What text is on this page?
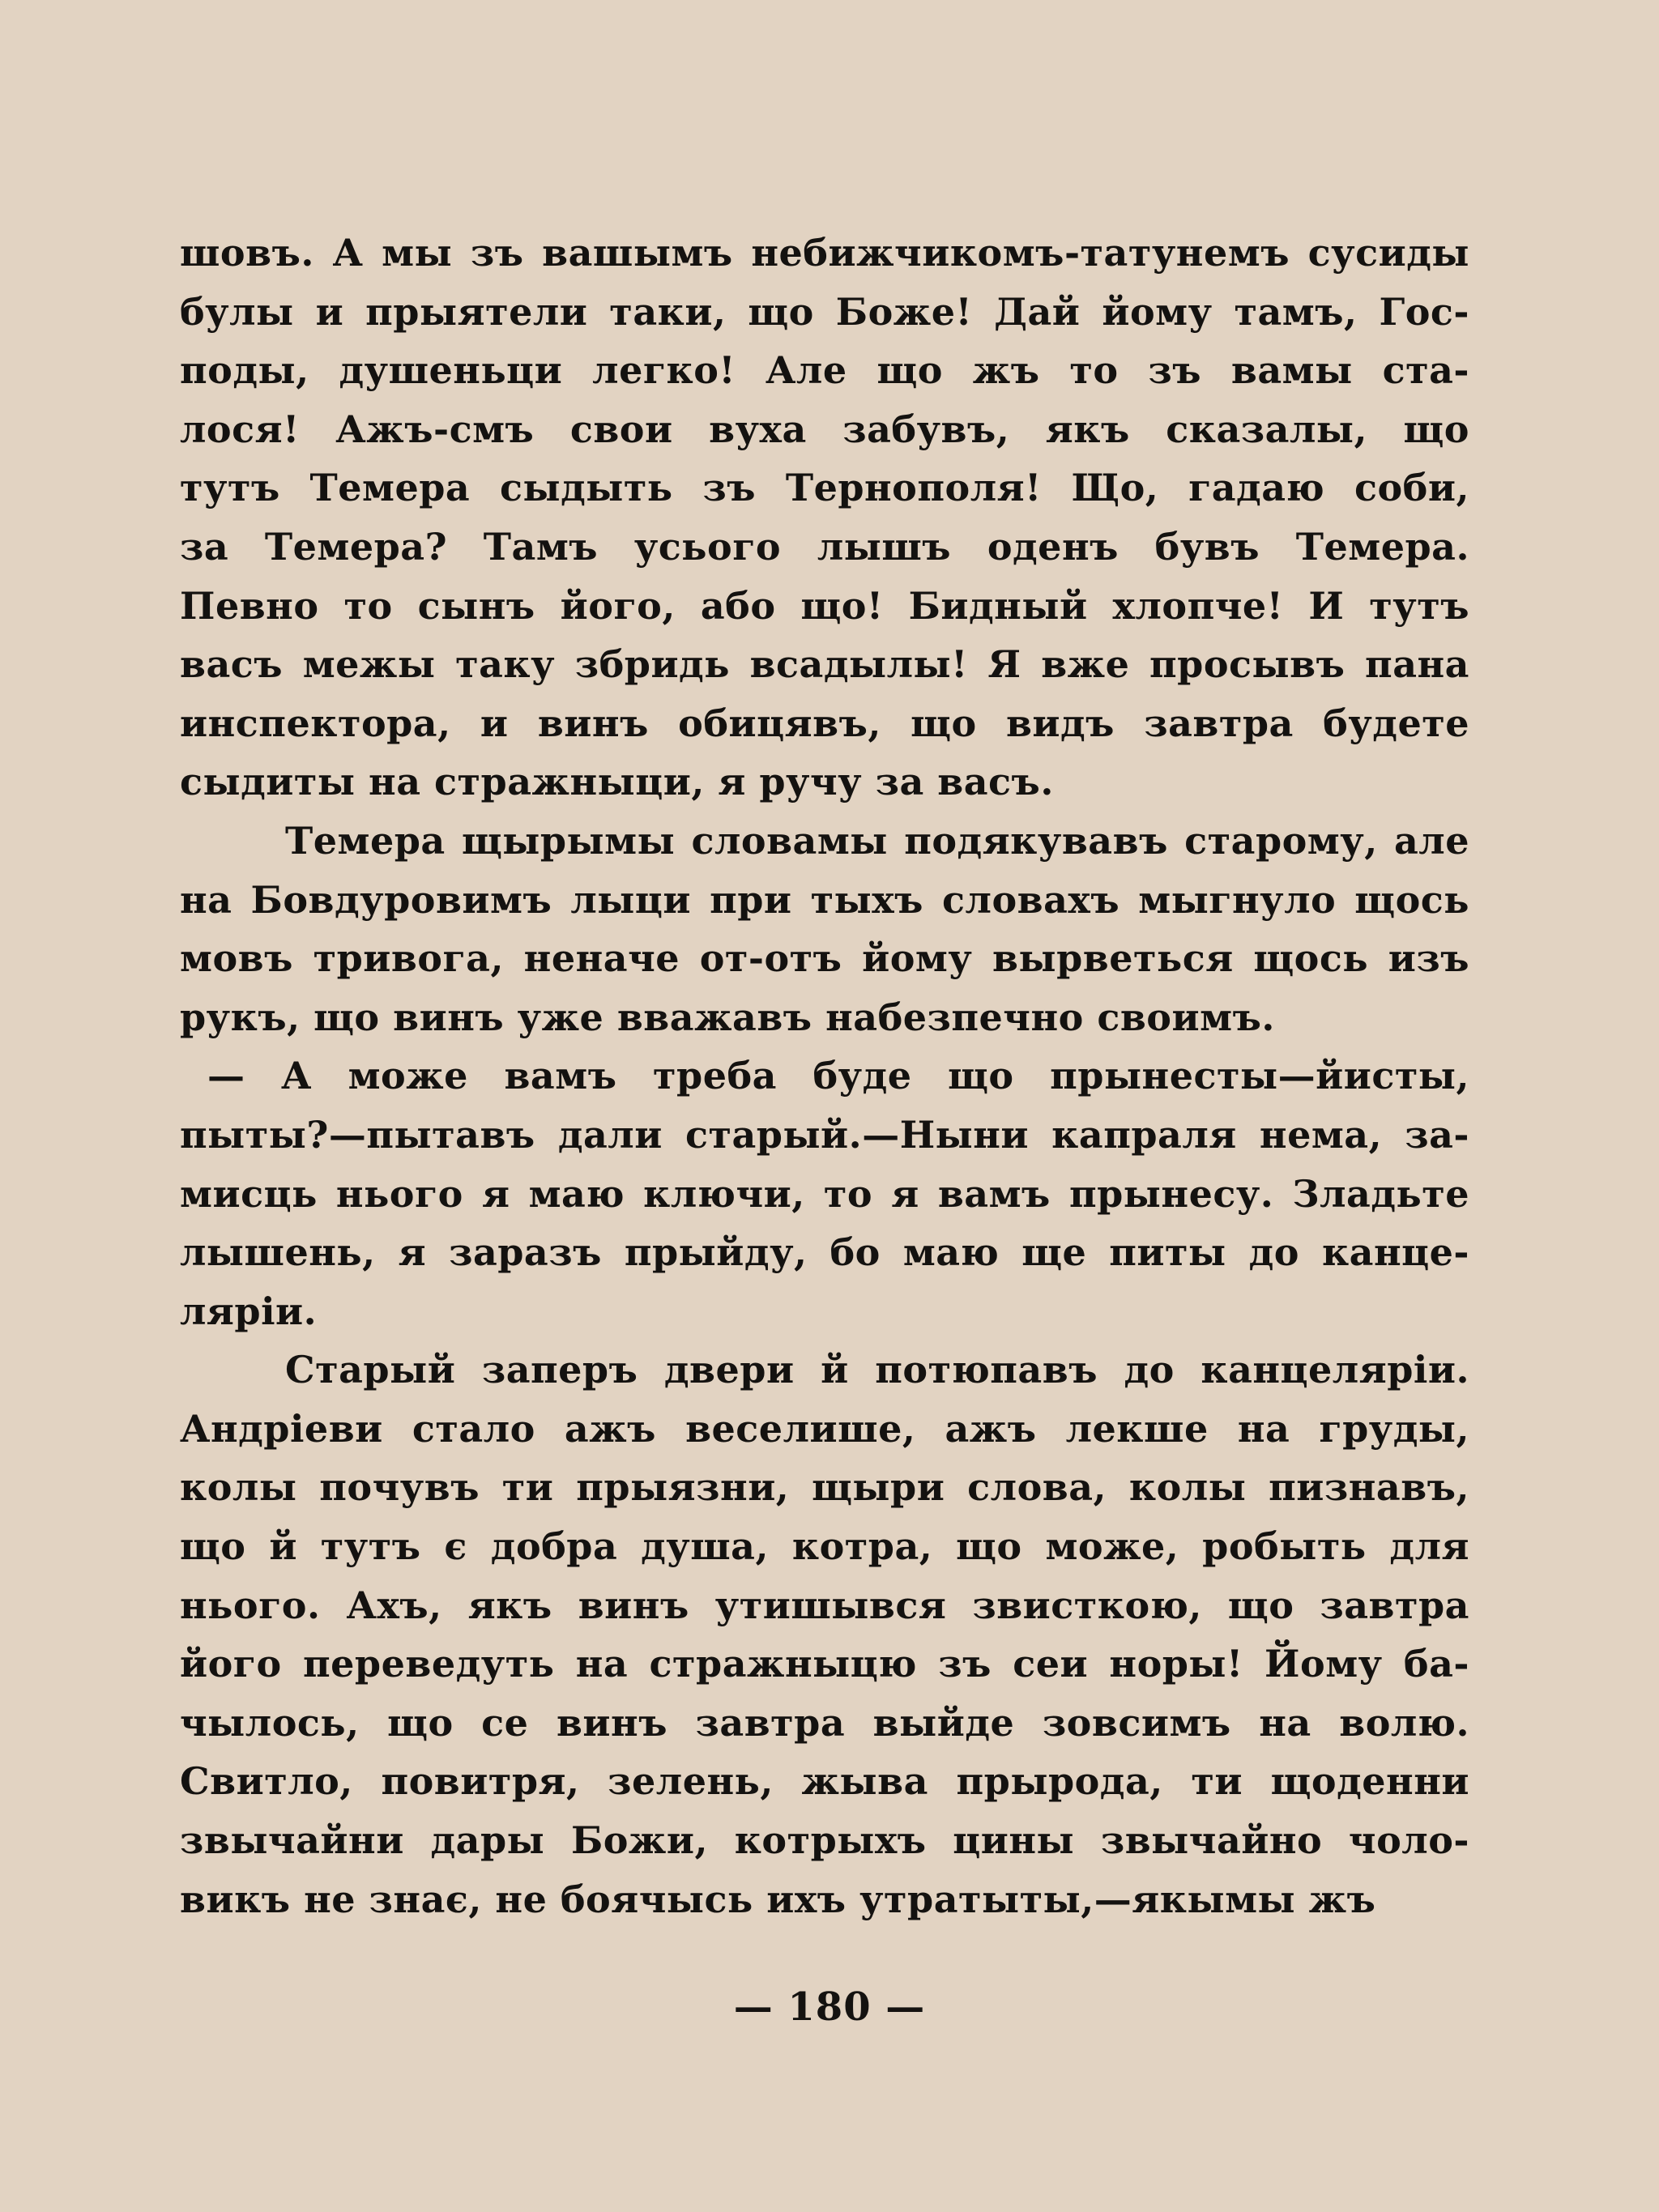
шовъ. А мы зъ вашымъ небижчикомъ-татунемъ сусиды
булы и прыятели таки, що Боже! Дай йому тамъ, Гос-
поды, душеньци легко! Але що жъ то зъ вамы ста-
лося! Ажъ-смъ свои вуха забувъ, якъ сказалы, що
тутъ Темера сыдыть зъ Тернополя! Що, гадаю соби,
за Темера? Тамъ усього лышъ оденъ бувъ Темера.
Певно то сынъ його, або що! Бидный хлопче! И тутъ
васъ межы таку збридь всадылы! Я вже просывъ пана
инспектора, и винъ обицявъ, що видъ завтра будете
сыдиты на стражныци, я ручу за васъ.
Темера щырымы словамы подякувавъ старому, але
на Бовдуровимъ лыци при тыхъ словахъ мыгнуло щось
мовъ тривога, неначе от-отъ йому вырветься щось изъ
рукъ, що винъ уже вважавъ набезпечно своимъ.
— А може вамъ треба буде що прынесты—йисты,
пыты?—пытавъ дали старый.—Ныни капраля нема, за-
мисць нього я маю ключи, то я вамъ прынесу. Зладьте
лышень, я заразъ прыйду, бо маю ще питы до канце-
ляріи.
Старый заперъ двери й потюпавъ до канцеляріи.
Андріеви стало ажъ веселише, ажъ лекше на груды,
колы почувъ ти прыязни, щыри слова, колы пизнавъ,
що й тутъ є добра душа, котра, що може, робыть для
нього. Ахъ, якъ винъ утишывся звисткою, що завтра
його переведуть на стражныцю зъ сеи норы! Йому ба-
чылось, що се винъ завтра выйде зовсимъ на волю.
Свитло, повитря, зелень, жыва прырода, ти щоденни
звычайни дары Божи, котрыхъ цины звычайно чоло-
викъ не знає, не боячысь ихъ утратыты,—якымы жъ
— 180 —
